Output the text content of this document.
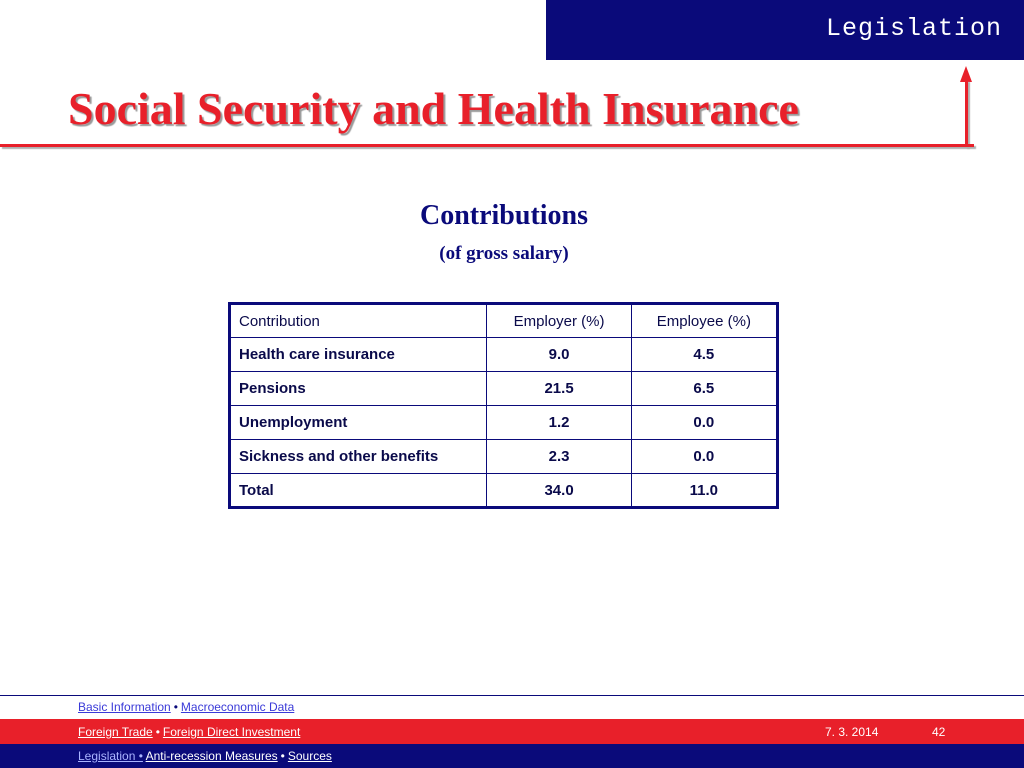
Legislation
Social Security and Health Insurance
Contributions
(of gross salary)
Contribution	Employer (%)	Employee (%)
Health care insurance	9.0	4.5
Pensions	21.5	6.5
Unemployment	1.2	0.0
Sickness and other benefits	2.3	0.0
Total	34.0	11.0
Basic Information • Macroeconomic Data
Foreign Trade • Foreign Direct Investment
Legislation • Anti-recession Measures • Sources
7. 3. 2014	42
